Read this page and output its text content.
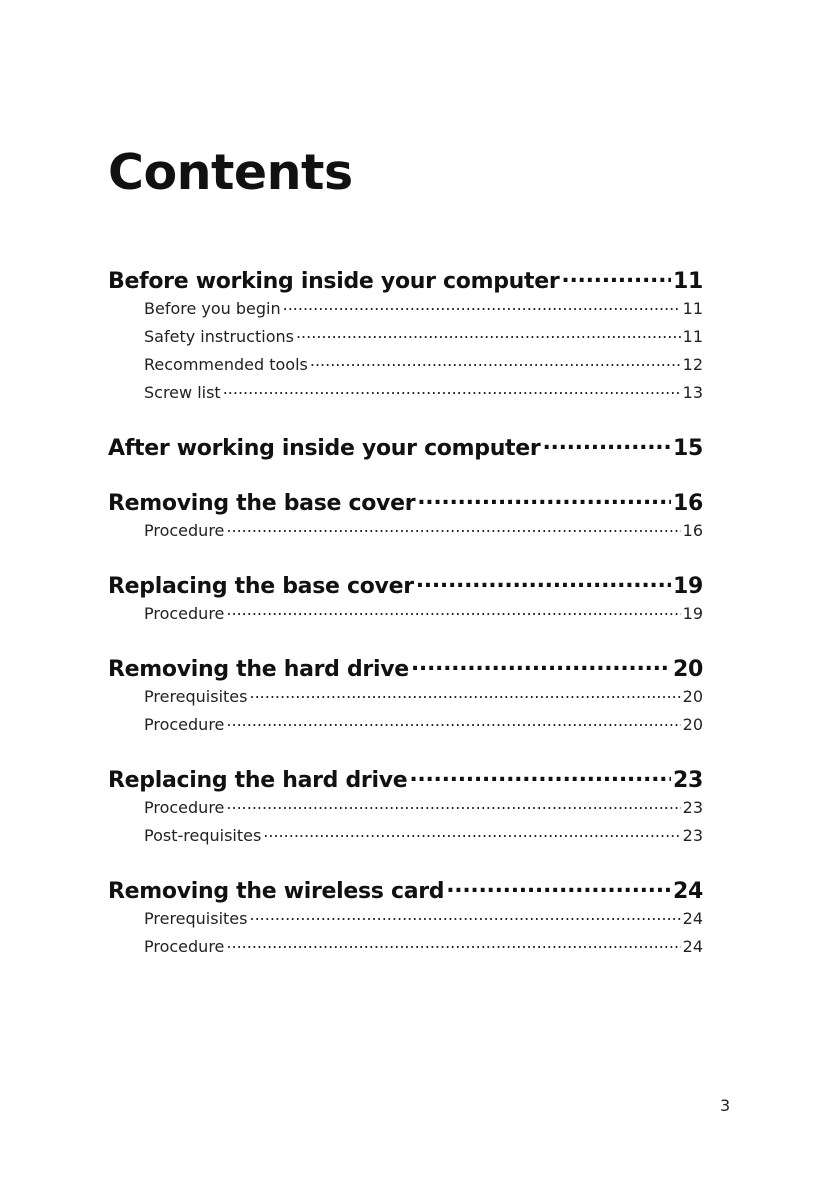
Contents
Before working inside your computer .....	11
Before you begin .....	11
Safety instructions .....	11
Recommended tools .....	12
Screw list .....	13
After working inside your computer .....	15
Removing the base cover .....	16
Procedure .....	16
Replacing the base cover .....	19
Procedure .....	19
Removing the hard drive .....	20
Prerequisites .....	20
Procedure .....	20
Replacing the hard drive .....	23
Procedure .....	23
Post-requisites .....	23
Removing the wireless card .....	24
Prerequisites .....	24
Procedure .....	24
3
